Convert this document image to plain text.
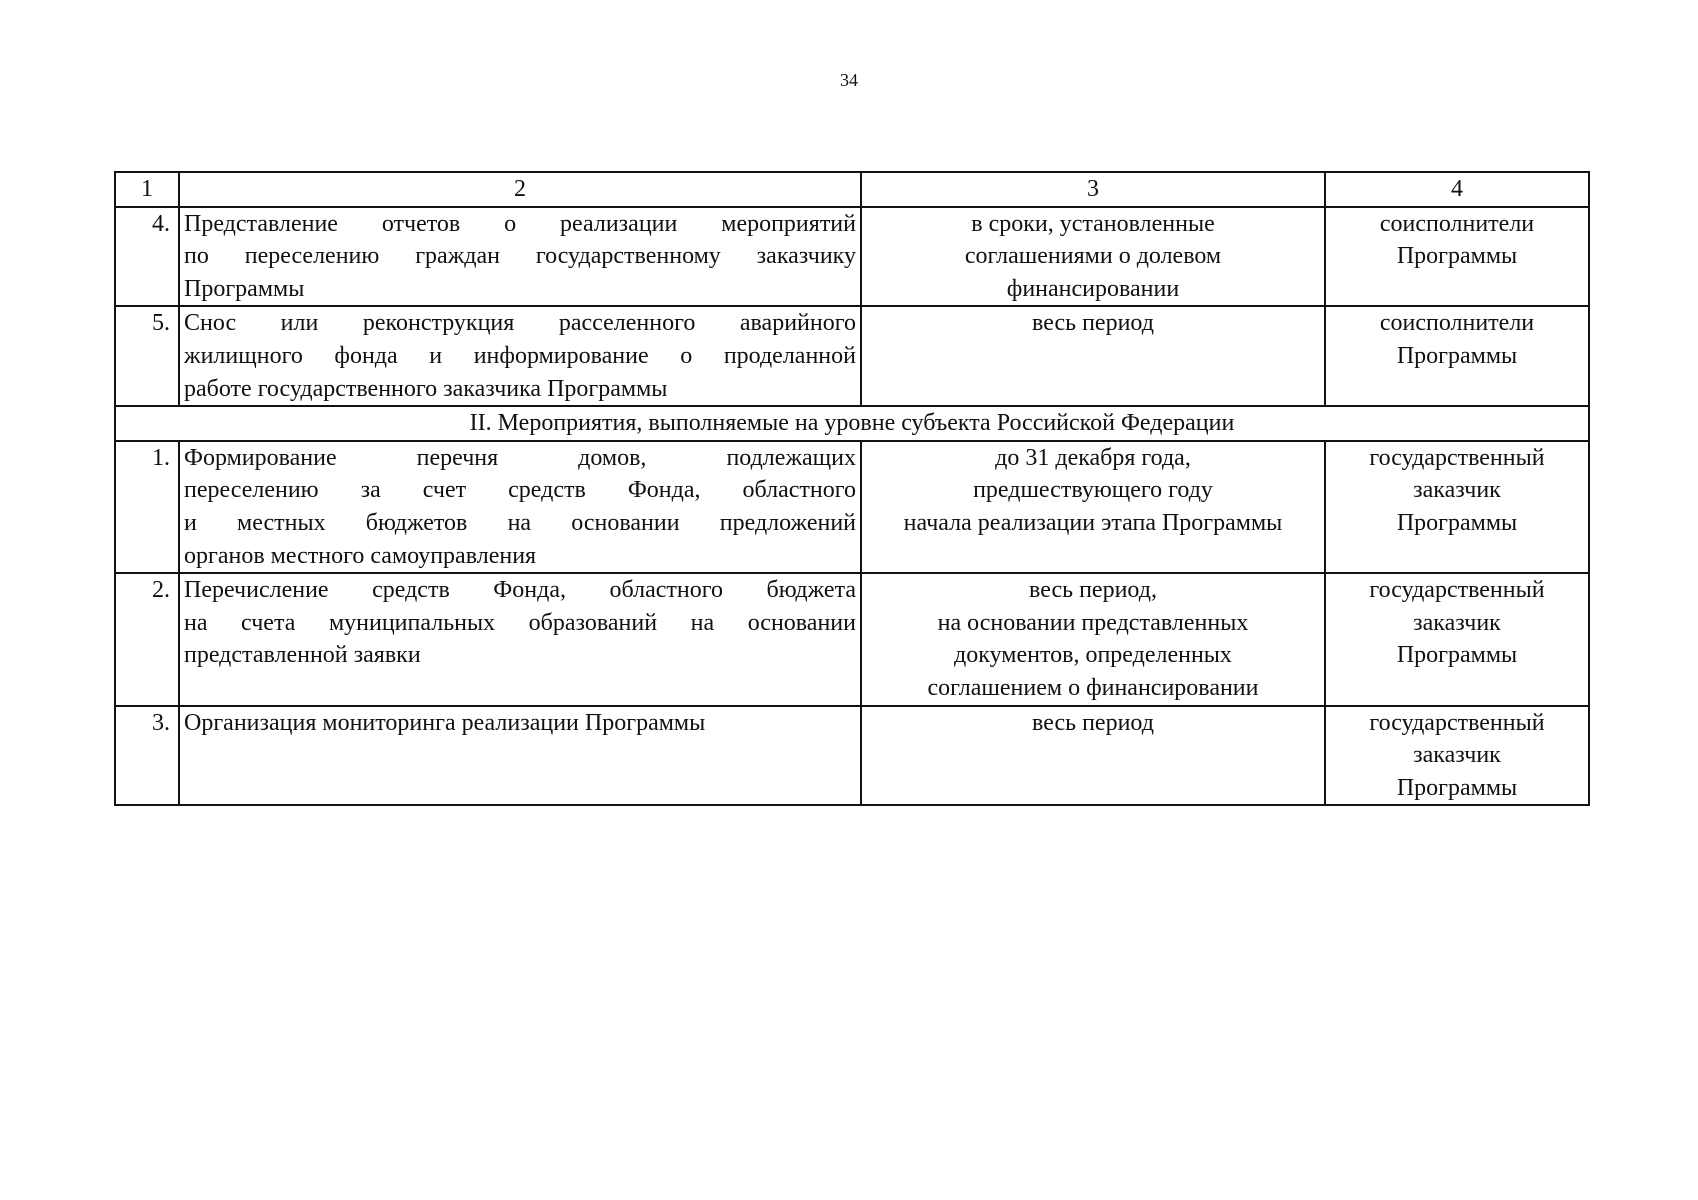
34
1	2	3	4
4.	Представление отчетов о реализации мероприятий
по переселению граждан государственному заказчику
Программы	в сроки, установленные
соглашениями о долевом
финансировании	соисполнители
Программы

5.	Снос или реконструкция расселенного аварийного
жилищного фонда и информирование о проделанной
работе государственного заказчика Программы	весь период	соисполнители
Программы

II. Мероприятия, выполняемые на уровне субъекта Российской Федерации			
1.	Формирование перечня домов, подлежащих
переселению за счет средств Фонда, областного
и местных бюджетов на основании предложений
органов местного самоуправления	до 31 декабря года,
предшествующего году
начала реализации этапа Программы	государственный
заказчик
Программы

2.	Перечисление средств Фонда, областного бюджета
на счета муниципальных образований на основании
представленной заявки	весь период,
на основании представленных
документов, определенных
соглашением о финансировании	государственный
заказчик
Программы

3.	Организация мониторинга реализации Программы	весь период	государственный
заказчик
Программы
